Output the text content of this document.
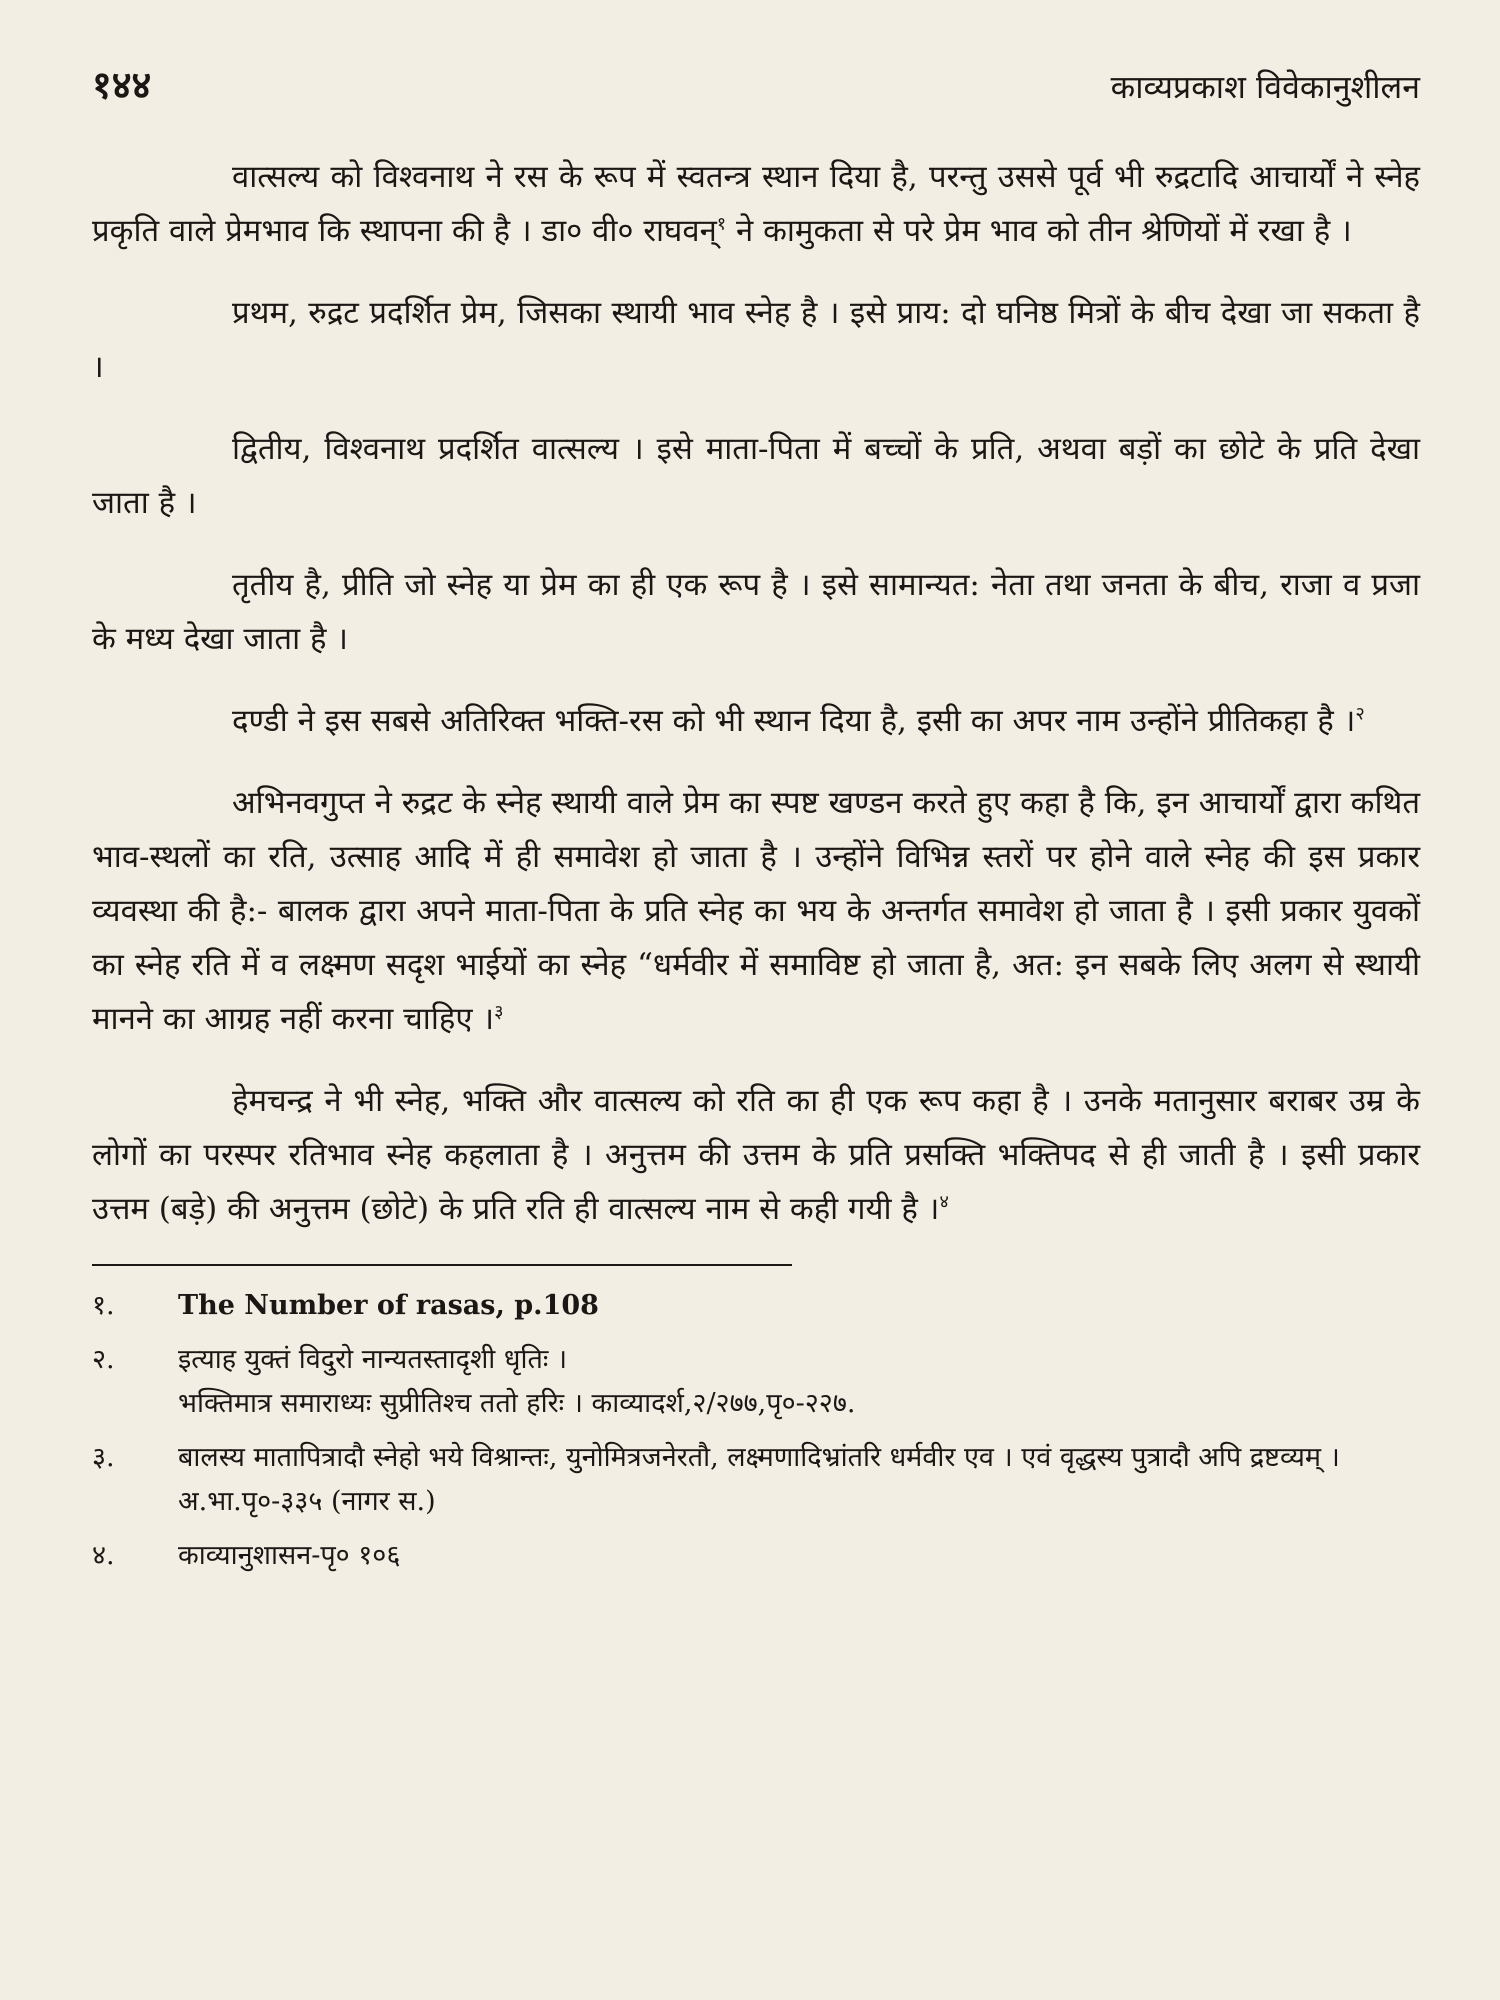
१४४	काव्यप्रकाश विवेकानुशीलन

वात्सल्य को विश्वनाथ ने रस के रूप में स्वतन्त्र स्थान दिया है, परन्तु उससे पूर्व भी रुद्रटादि आचार्यों ने स्नेह प्रकृति वाले प्रेमभाव कि स्थापना की है । डा० वी० राघवन्$^१$ ने कामुकता से परे प्रेम भाव को तीन श्रेणियों में रखा है ।

प्रथम, रुद्रट प्रदर्शित प्रेम, जिसका स्थायी भाव स्नेह है । इसे प्राय: दो घनिष्ठ मित्रों के बीच देखा जा सकता है ।

द्वितीय, विश्वनाथ प्रदर्शित वात्सल्य । इसे माता-पिता में बच्चों के प्रति, अथवा बड़ों का छोटे के प्रति देखा जाता है ।

तृतीय है, प्रीति जो स्नेह या प्रेम का ही एक रूप है । इसे सामान्यत: नेता तथा जनता के बीच, राजा व प्रजा के मध्य देखा जाता है ।

दण्डी ने इस सबसे अतिरिक्त भक्ति-रस को भी स्थान दिया है, इसी का अपर नाम उन्होंने प्रीतिकहा है ।$^२$

अभिनवगुप्त ने रुद्रट के स्नेह स्थायी वाले प्रेम का स्पष्ट खण्डन करते हुए कहा है कि, इन आचार्यों द्वारा कथित भाव-स्थलों का रति, उत्साह आदि में ही समावेश हो जाता है । उन्होंने विभिन्न स्तरों पर होने वाले स्नेह की इस प्रकार व्यवस्था की है:- बालक द्वारा अपने माता-पिता के प्रति स्नेह का भय के अन्तर्गत समावेश हो जाता है । इसी प्रकार युवकों का स्नेह रति में व लक्ष्मण सदृश भाईयों का स्नेह “धर्मवीर में समाविष्ट हो जाता है, अत: इन सबके लिए अलग से स्थायी मानने का आग्रह नहीं करना चाहिए ।$^३$

हेमचन्द्र ने भी स्नेह, भक्ति और वात्सल्य को रति का ही एक रूप कहा है । उनके मतानुसार बराबर उम्र के लोगों का परस्पर रतिभाव स्नेह कहलाता है । अनुत्तम की उत्तम के प्रति प्रसक्ति भक्तिपद से ही जाती है । इसी प्रकार उत्तम (बड़े) की अनुत्तम (छोटे) के प्रति रति ही वात्सल्य नाम से कही गयी है ।$^४$

१.	The Number of rasas, p.108
२.	इत्याह युक्तं विदुरो नान्यतस्तादृशी धृतिः ।
भक्तिमात्र समाराध्यः सुप्रीतिश्च ततो हरिः । काव्यादर्श,२/२७७,पृ०-२२७.
३.	बालस्य मातापित्रादौ स्नेहो भये विश्रान्तः, युनोमित्रजनेरतौ, लक्ष्मणादिभ्रांतरि धर्मवीर एव । एवं वृद्धस्य पुत्रादौ अपि द्रष्टव्यम् । अ.भा.पृ०-३३५ (नागर स.)
४.	काव्यानुशासन-पृ० १०६
